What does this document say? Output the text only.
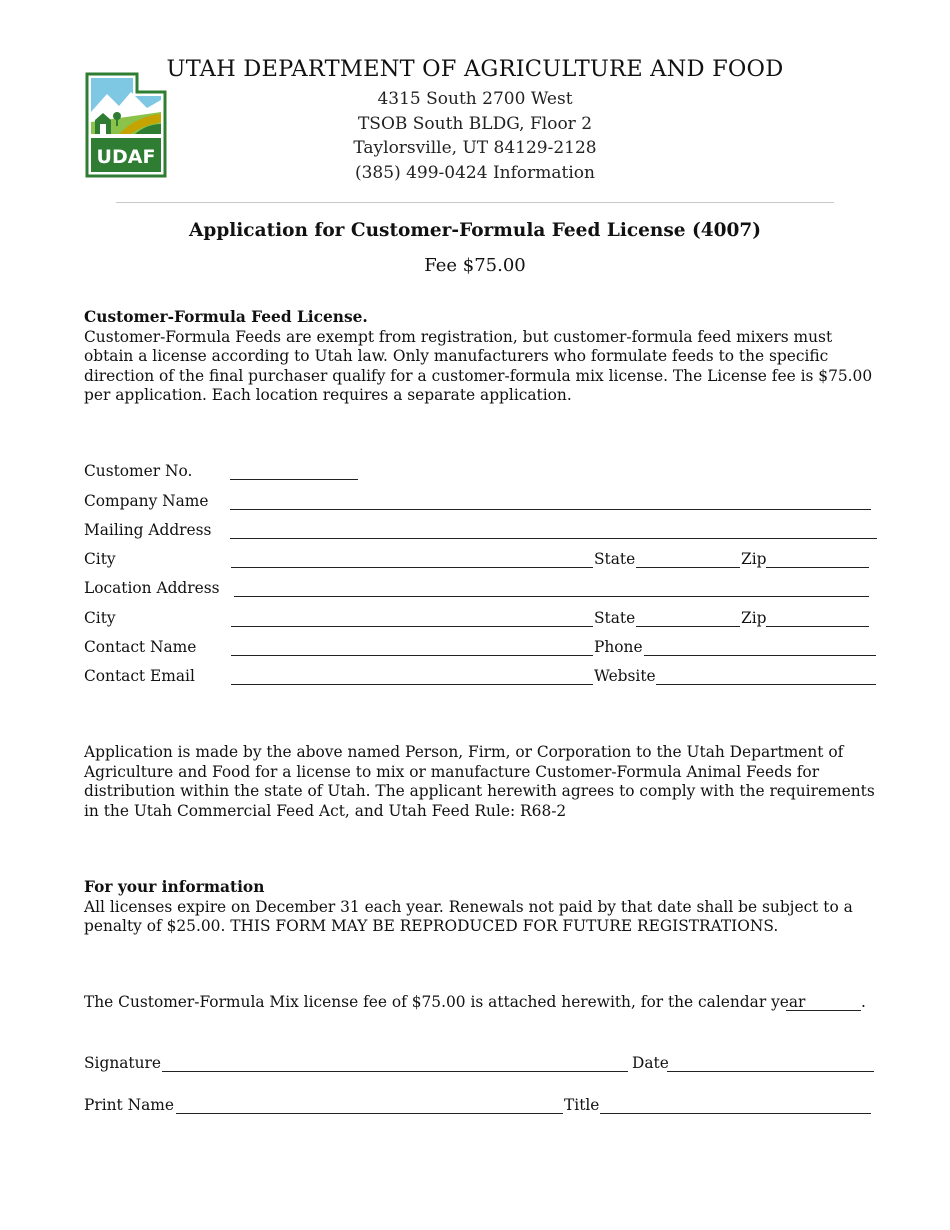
UDAF
UTAH DEPARTMENT OF AGRICULTURE AND FOOD
4315 South 2700 West
TSOB South BLDG, Floor 2
Taylorsville, UT 84129-2128
(385) 499-0424 Information
Application for Customer-Formula Feed License (4007)
Fee $75.00
Customer-Formula Feed License.
Customer-Formula Feeds are exempt from registration, but customer-formula feed mixers must obtain a license according to Utah law. Only manufacturers who formulate feeds to the specific direction of the final purchaser qualify for a customer-formula mix license. The License fee is $75.00 per application. Each location requires a separate application.
Customer No.
Company Name
Mailing Address
City	State	Zip
Location Address
City	State	Zip
Contact Name	Phone
Contact Email	Website
Application is made by the above named Person, Firm, or Corporation to the Utah Department of Agriculture and Food for a license to mix or manufacture Customer-Formula Animal Feeds for distribution within the state of Utah. The applicant herewith agrees to comply with the requirements in the Utah Commercial Feed Act, and Utah Feed Rule: R68-2
For your information
All licenses expire on December 31 each year. Renewals not paid by that date shall be subject to a penalty of $25.00. THIS FORM MAY BE REPRODUCED FOR FUTURE REGISTRATIONS.
The Customer-Formula Mix license fee of $75.00 is attached herewith, for the calendar year	.
Signature	Date
Print Name	Title
